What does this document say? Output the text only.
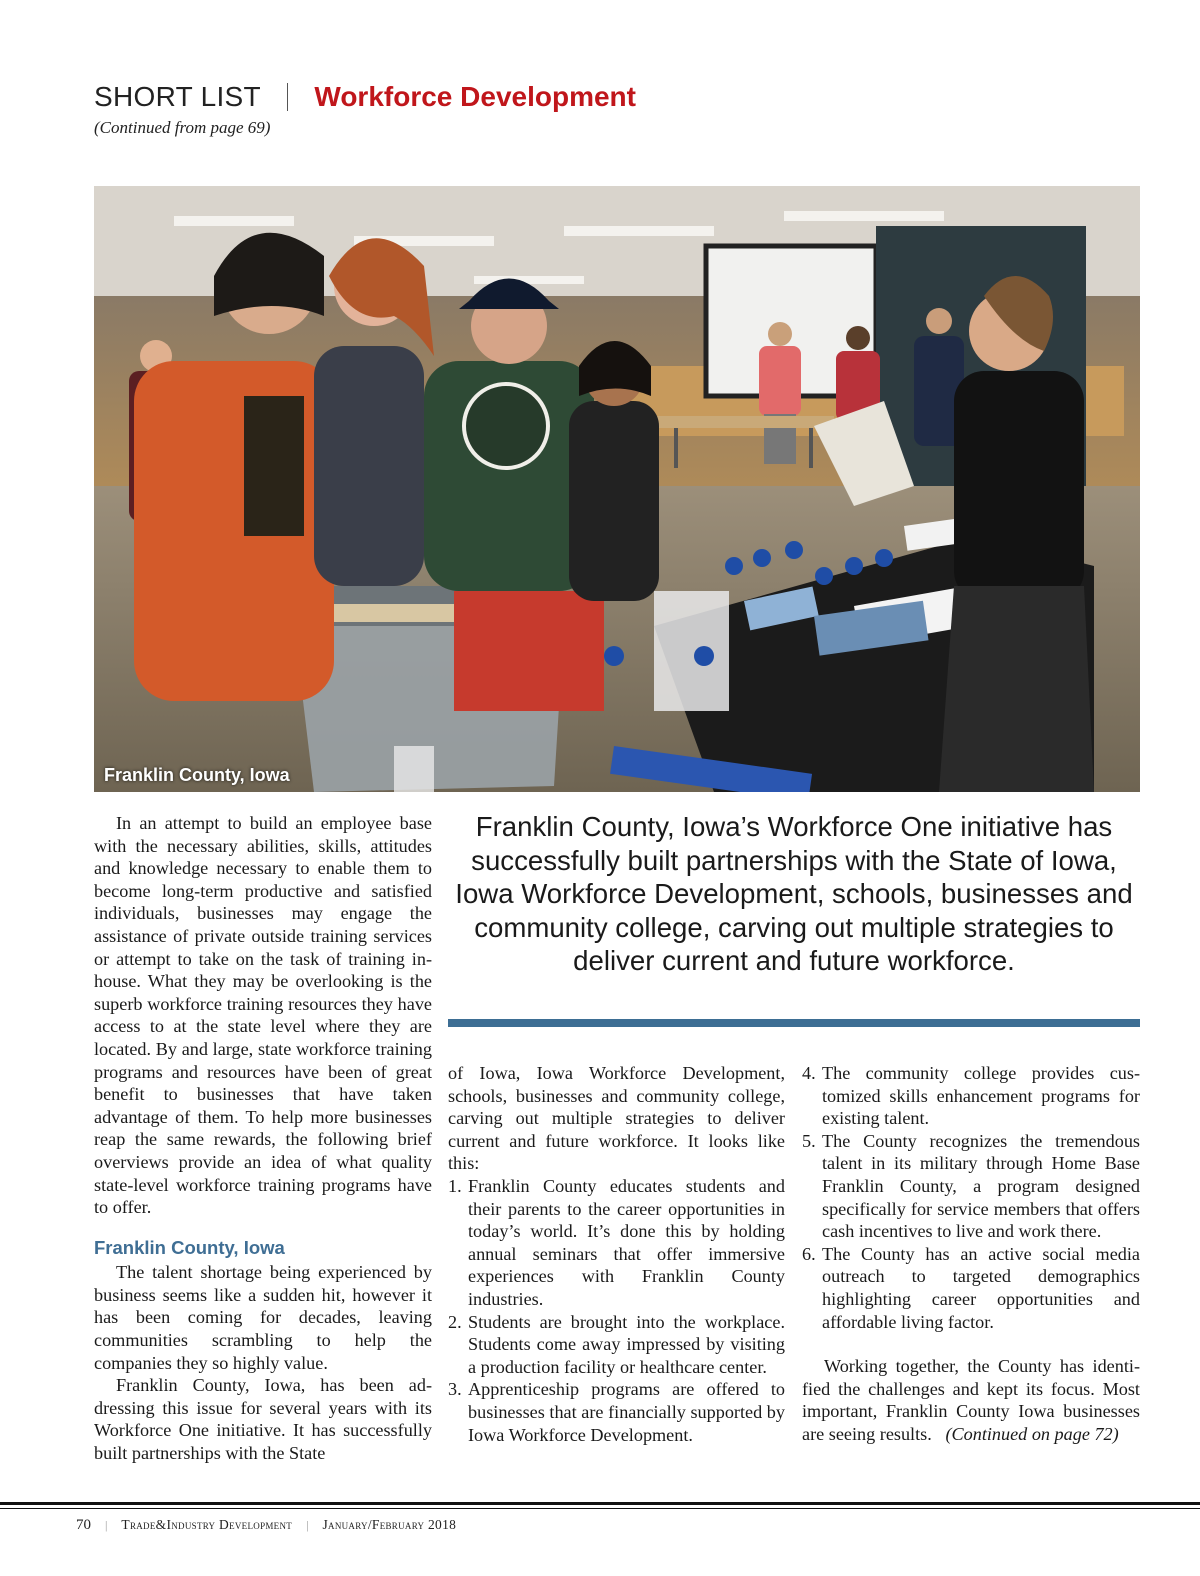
SHORT LIST Workforce Development
(Continued from page 69)
Franklin County, Iowa

In an attempt to build an employee base with the necessary abilities, skills, attitudes and knowledge necessary to enable them to become long-term productive and satisfied individuals, businesses may engage the assistance of private outside training services or attempt to take on the task of training in-house. What they may be overlooking is the superb workforce training resources they have access to at the state level where they are located. By and large, state workforce training programs and resources have been of great benefit to businesses that have taken advantage of them. To help more businesses reap the same rewards, the following brief overviews provide an idea of what quality state-level workforce training programs have to offer.

Franklin County, Iowa

The talent shortage being experienced by business seems like a sudden hit, however it has been coming for decades, leaving communities scrambling to help the companies they so highly value.

Franklin County, Iowa, has been addressing this issue for several years with its Workforce One initiative. It has successfully built partnerships with the State

Franklin County, Iowa’s Workforce One initiative has successfully built partnerships with the State of Iowa, Iowa Workforce Development, schools, businesses and community college, carving out multiple strategies to deliver current and future workforce.

of Iowa, Iowa Workforce Development, schools, businesses and community college, carving out multiple strategies to deliver current and future workforce. It looks like this:

1. Franklin County educates students and their parents to the career opportunities in today’s world. It’s done this by holding annual seminars that offer immersive experiences with Franklin County industries.
2. Students are brought into the workplace. Students come away impressed by visiting a production facility or healthcare center.
3. Apprenticeship programs are offered to businesses that are financially supported by Iowa Workforce Development.
4. The community college provides customized skills enhancement programs for existing talent.
5. The County recognizes the tremendous talent in its military through Home Base Franklin County, a program designed specifically for service members that offers cash incentives to live and work there.
6. The County has an active social media outreach to targeted demographics highlighting career opportunities and affordable living factor.

Working together, the County has identified the challenges and kept its focus. Most important, Franklin County Iowa businesses are seeing results. (Continued on page 72)

70 | Trade&Industry Development | January/February 2018
